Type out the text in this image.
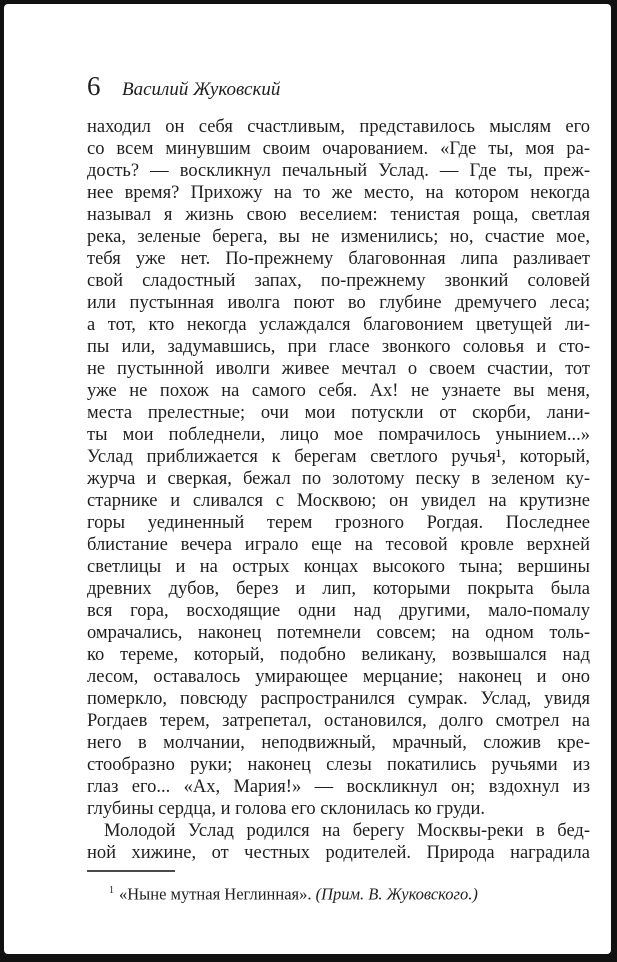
6 Василий Жуковский
находил он себя счастливым, представилось мыслям его
со всем минувшим своим очарованием. «Где ты, моя ра-
дость? — воскликнул печальный Услад. — Где ты, преж-
нее время? Прихожу на то же место, на котором некогда
называл я жизнь свою веселием: тенистая роща, светлая
река, зеленые берега, вы не изменились; но, счастие мое,
тебя уже нет. По-прежнему благовонная липа разливает
свой сладостный запах, по-прежнему звонкий соловей
или пустынная иволга поют во глубине дремучего леса;
а тот, кто некогда услаждался благовонием цветущей ли-
пы или, задумавшись, при гласе звонкого соловья и сто-
не пустынной иволги живее мечтал о своем счастии, тот
уже не похож на самого себя. Ах! не узнаете вы меня,
места прелестные; очи мои потускли от скорби, лани-
ты мои побледнели, лицо мое помрачилось унынием...»
Услад приближается к берегам светлого ручья¹, который,
журча и сверкая, бежал по золотому песку в зеленом ку-
старнике и сливался с Москвою; он увидел на крутизне
горы уединенный терем грозного Рогдая. Последнее
блистание вечера играло еще на тесовой кровле верхней
светлицы и на острых концах высокого тына; вершины
древних дубов, берез и лип, которыми покрыта была
вся гора, восходящие одни над другими, мало-помалу
омрачались, наконец потемнели совсем; на одном толь-
ко тереме, который, подобно великану, возвышался над
лесом, оставалось умирающее мерцание; наконец и оно
померкло, повсюду распространился сумрак. Услад, увидя
Рогдаев терем, затрепетал, остановился, долго смотрел на
него в молчании, неподвижный, мрачный, сложив кре-
стообразно руки; наконец слезы покатились ручьями из
глаз его... «Ах, Мария!» — воскликнул он; вздохнул из
глубины сердца, и голова его склонилась ко груди.
Молодой Услад родился на берегу Москвы-реки в бед-
ной хижине, от честных родителей. Природа наградила
$^1$ «Ныне мутная Неглинная». (Прим. В. Жуковского.)
